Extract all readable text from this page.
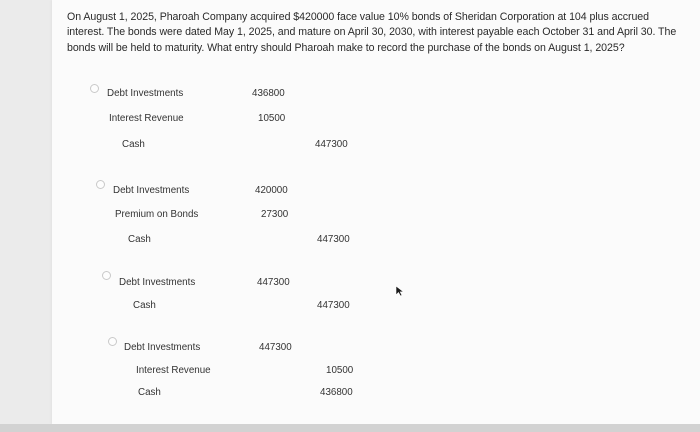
On August 1, 2025, Pharoah Company acquired $420000 face value 10% bonds of Sheridan Corporation at 104 plus accrued interest. The bonds were dated May 1, 2025, and mature on April 30, 2030, with interest payable each October 31 and April 30. The bonds will be held to maturity. What entry should Pharoah make to record the purchase of the bonds on August 1, 2025?
Debt Investments	436800
Interest Revenue	10500
Cash	447300
Debt Investments	420000
Premium on Bonds	27300
Cash	447300
Debt Investments	447300
Cash	447300
Debt Investments	447300
Interest Revenue	10500
Cash	436800
